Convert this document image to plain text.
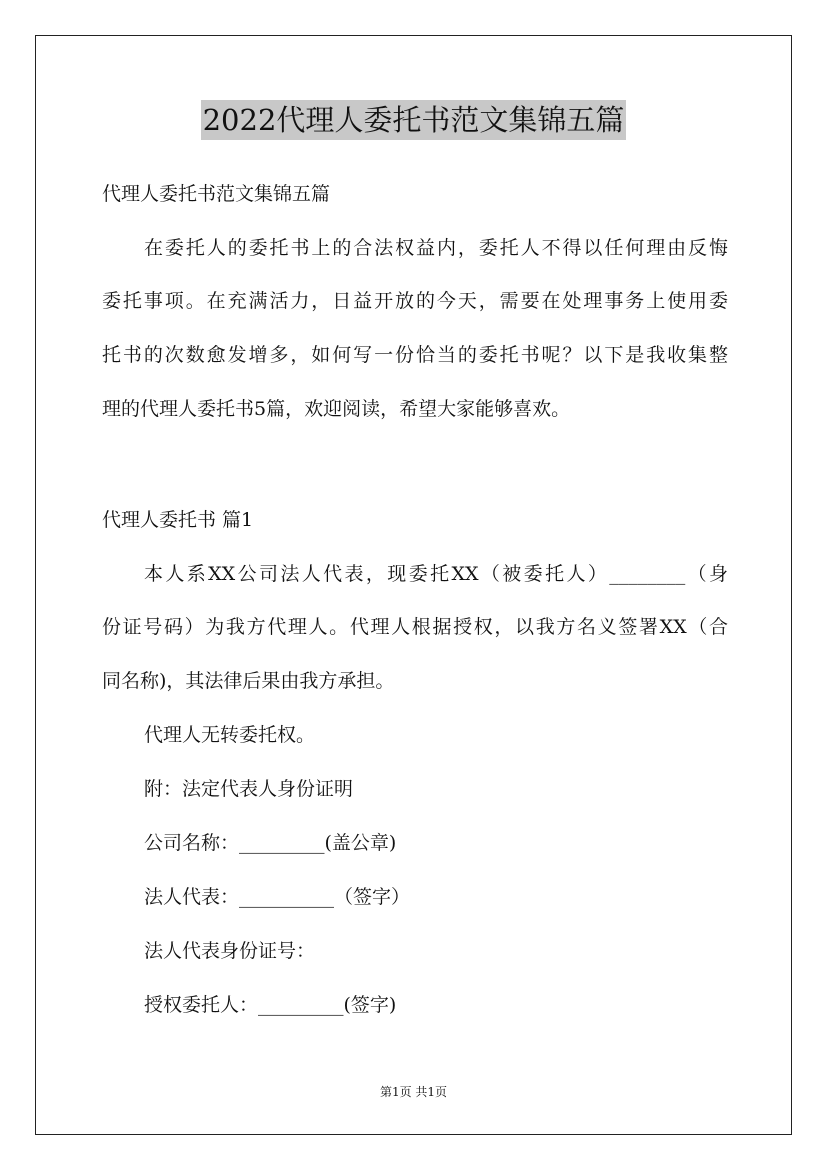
2022代理人委托书范文集锦五篇
代理人委托书范文集锦五篇
在委托人的委托书上的合法权益内，委托人不得以任何理由反悔
委托事项。在充满活力，日益开放的今天，需要在处理事务上使用委
托书的次数愈发增多，如何写一份恰当的委托书呢？以下是我收集整
理的代理人委托书5篇，欢迎阅读，希望大家能够喜欢。
代理人委托书 篇1
本人系XX公司法人代表，现委托XX（被委托人）________（身
份证号码）为我方代理人。代理人根据授权，以我方名义签署XX（合
同名称)，其法律后果由我方承担。
代理人无转委托权。
附：法定代表人身份证明
公司名称：_________(盖公章)
法人代表：__________（签字）
法人代表身份证号：
授权委托人：_________(签字)
第1页 共1页
